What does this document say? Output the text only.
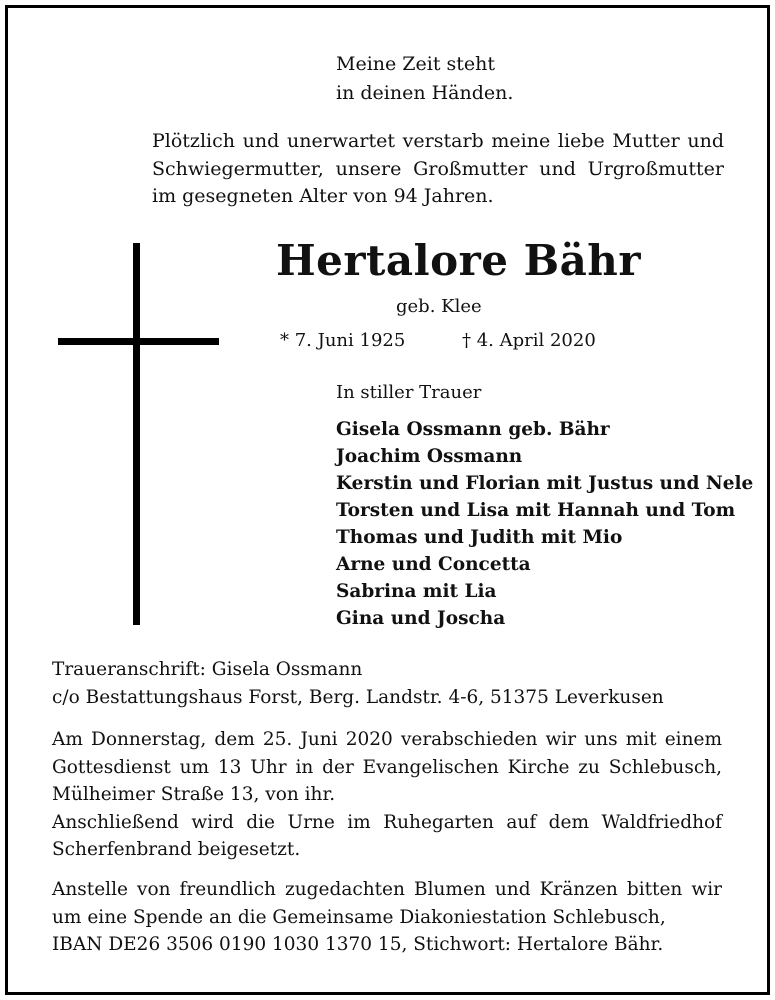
Meine Zeit steht
in deinen Händen.
Plötzlich und unerwartet verstarb meine liebe Mutter und Schwiegermutter, unsere Großmutter und Urgroßmutter im gesegneten Alter von 94 Jahren.
Hertalore Bähr
geb. Klee
* 7. Juni 1925	† 4. April 2020
In stiller Trauer
Gisela Ossmann geb. Bähr
Joachim Ossmann
Kerstin und Florian mit Justus und Nele
Torsten und Lisa mit Hannah und Tom
Thomas und Judith mit Mio
Arne und Concetta
Sabrina mit Lia
Gina und Joscha
Traueranschrift: Gisela Ossmann
c/o Bestattungshaus Forst, Berg. Landstr. 4-6, 51375 Leverkusen
Am Donnerstag, dem 25. Juni 2020 verabschieden wir uns mit einem
Gottesdienst um 13 Uhr in der Evangelischen Kirche zu Schlebusch,
Mülheimer Straße 13, von ihr.
Anschließend wird die Urne im Ruhegarten auf dem Waldfriedhof
Scherfenbrand beigesetzt.
Anstelle von freundlich zugedachten Blumen und Kränzen bitten wir
um eine Spende an die Gemeinsame Diakoniestation Schlebusch,
IBAN DE26 3506 0190 1030 1370 15, Stichwort: Hertalore Bähr.
